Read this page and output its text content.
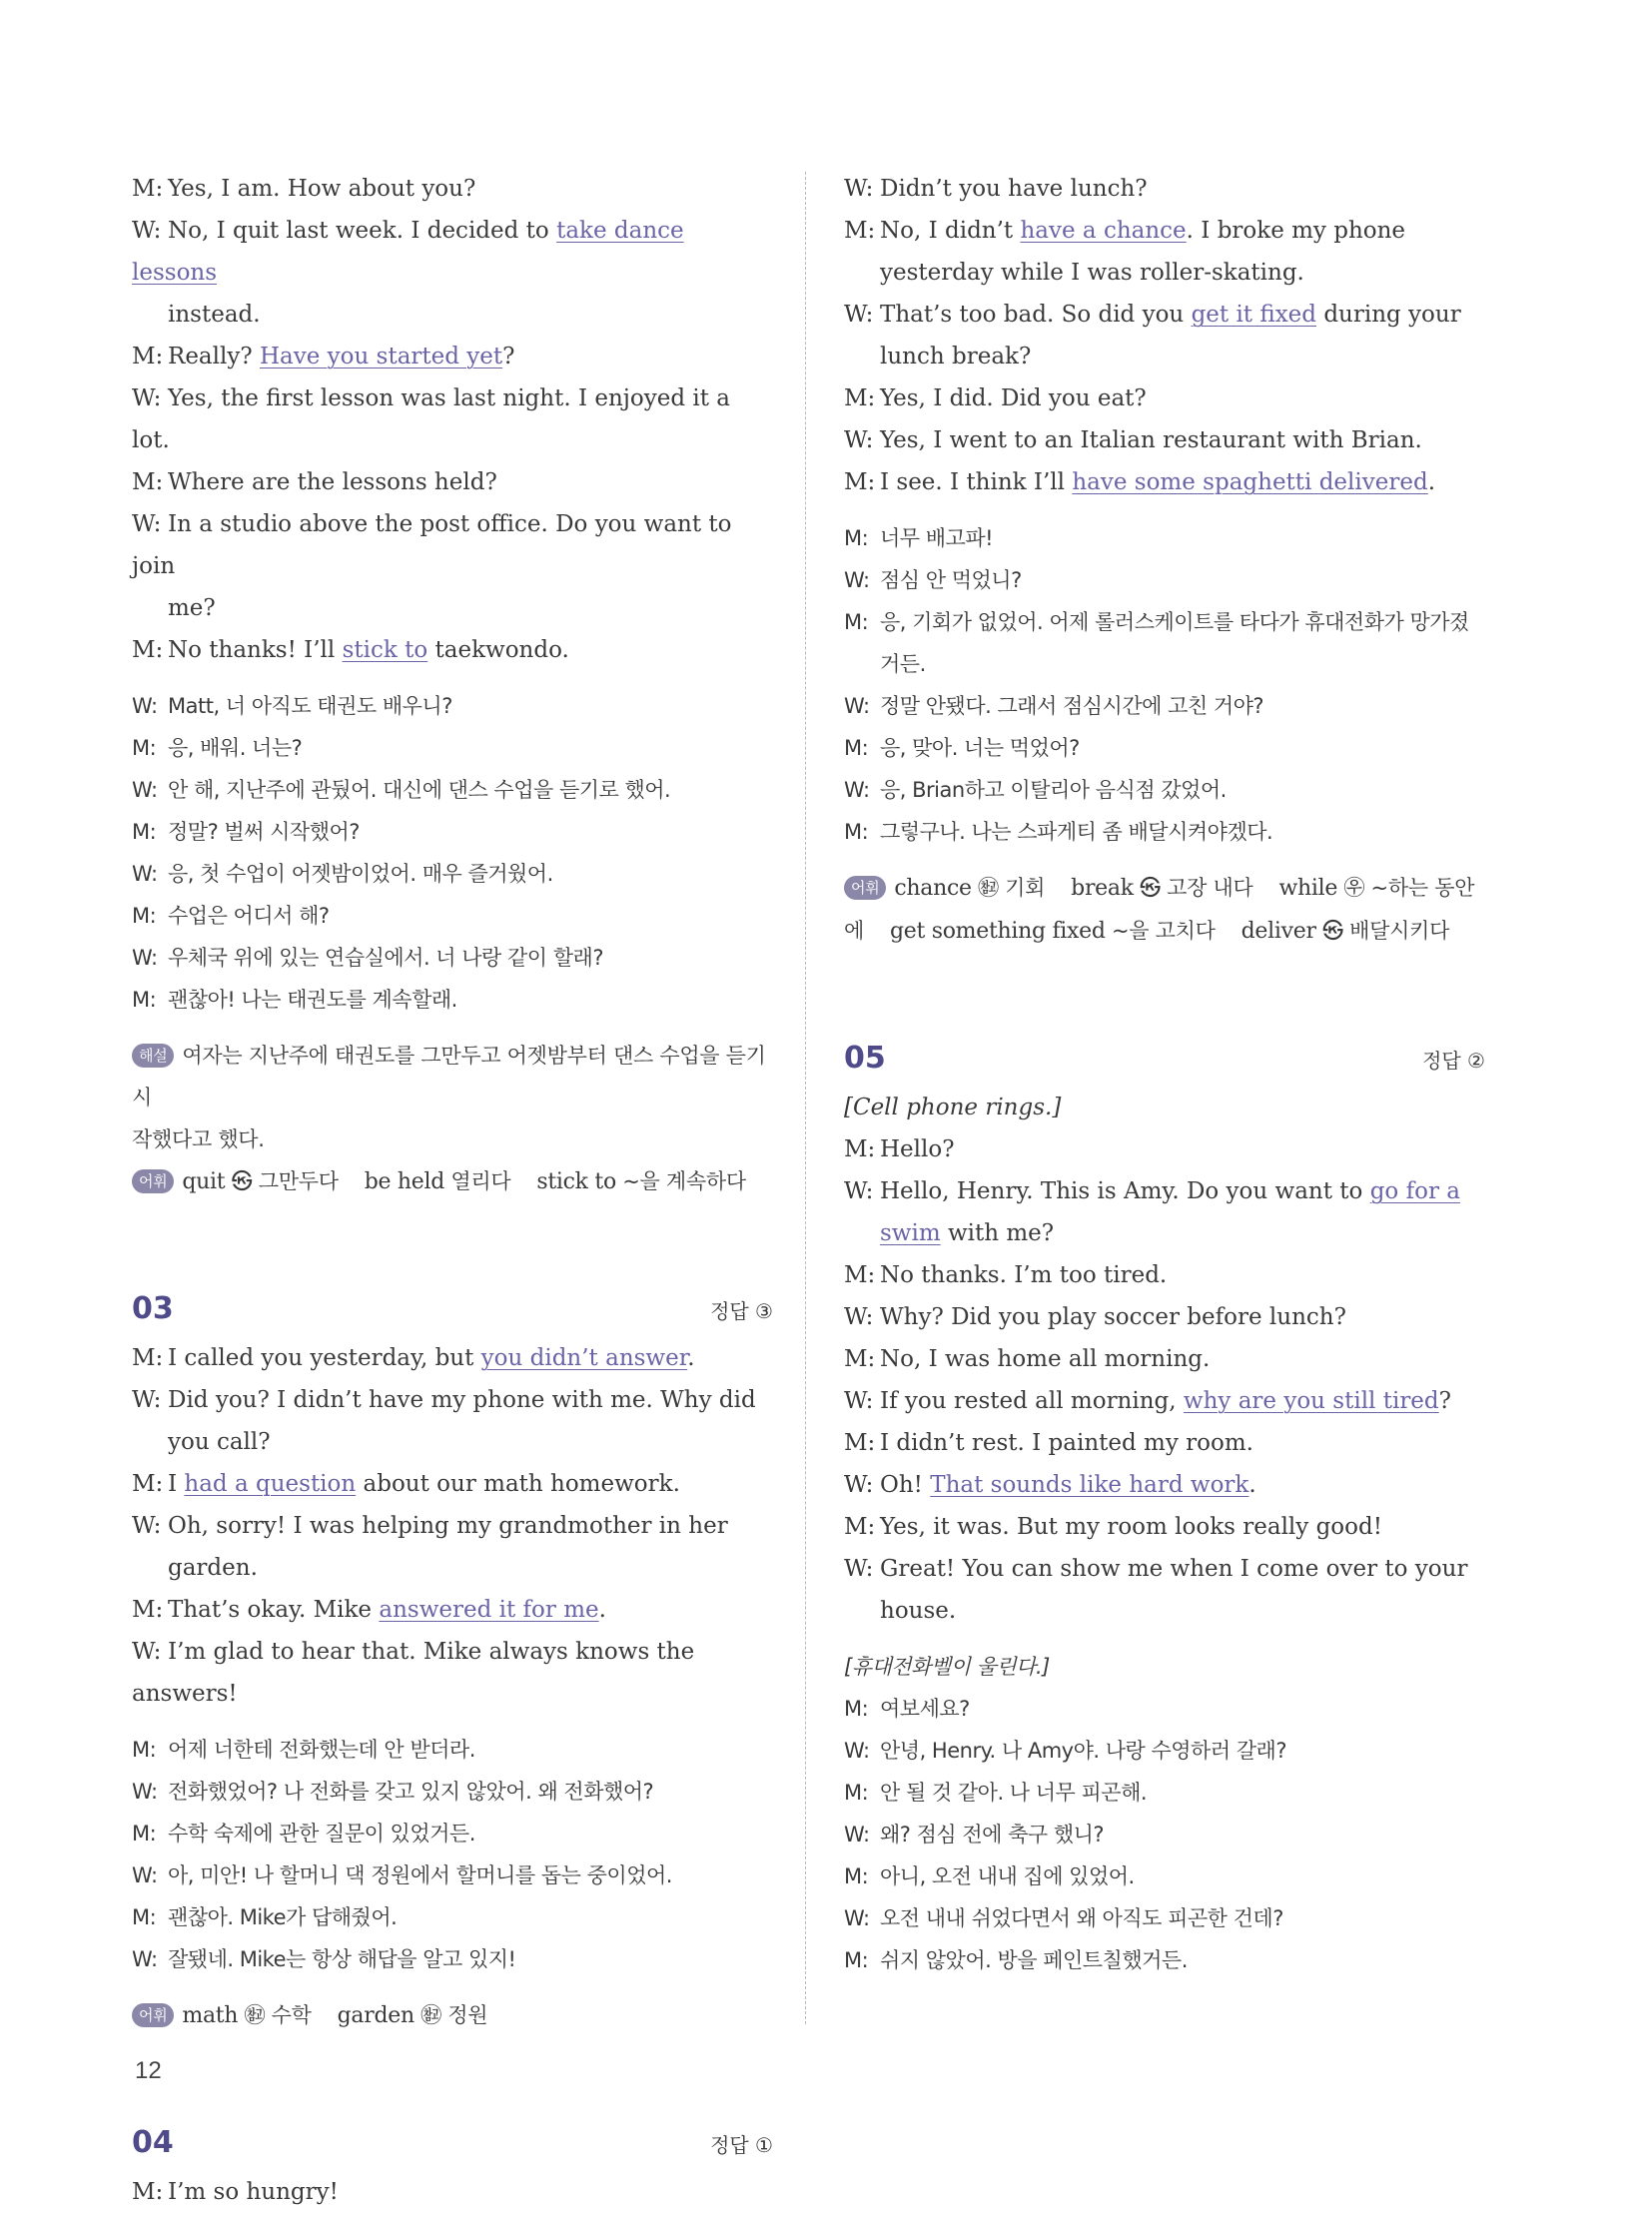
M: Yes, I am. How about you?

W: No, I quit last week. I decided to take dance lessons

instead.

M: Really? Have you started yet?

W: Yes, the first lesson was last night. I enjoyed it a lot.

M: Where are the lessons held?

W: In a studio above the post office. Do you want to join

me?

M: No thanks! I’ll stick to taekwondo.

W: Matt, 너 아직도 태권도 배우니?

M: 응, 배워. 너는?

W: 안 해, 지난주에 관뒀어. 대신에 댄스 수업을 듣기로 했어.

M: 정말? 벌써 시작했어?

W: 응, 첫 수업이 어젯밤이었어. 매우 즐거웠어.

M: 수업은 어디서 해?

W: 우체국 위에 있는 연습실에서. 너 나랑 같이 할래?

M: 괜찮아! 나는 태권도를 계속할래.

해설 여자는 지난주에 태권도를 그만두고 어젯밤부터 댄스 수업을 듣기 시

작했다고 했다.

어휘 quit ㉿ 그만두다 be held 열리다 stick to ~을 계속하다

03	정답 ③

M: I called you yesterday, but you didn’t answer.

W: Did you? I didn’t have my phone with me. Why did

you call?

M: I had a question about our math homework.

W: Oh, sorry! I was helping my grandmother in her

garden.

M: That’s okay. Mike answered it for me.

W: I’m glad to hear that. Mike always knows the answers!

M: 어제 너한테 전화했는데 안 받더라.

W: 전화했었어? 나 전화를 갖고 있지 않았어. 왜 전화했어?

M: 수학 숙제에 관한 질문이 있었거든.

W: 아, 미안! 나 할머니 댁 정원에서 할머니를 돕는 중이었어.

M: 괜찮아. Mike가 답해줬어.

W: 잘됐네. Mike는 항상 해답을 알고 있지!

어휘 math ㉼ 수학 garden ㉼ 정원

04	정답 ①

M: I’m so hungry!

W: Didn’t you have lunch?

M: No, I didn’t have a chance. I broke my phone

yesterday while I was roller-skating.

W: That’s too bad. So did you get it fixed during your

lunch break?

M: Yes, I did. Did you eat?

W: Yes, I went to an Italian restaurant with Brian.

M: I see. I think I’ll have some spaghetti delivered.

M: 너무 배고파!

W: 점심 안 먹었니?

M: 응, 기회가 없었어. 어제 롤러스케이트를 타다가 휴대전화가 망가졌

거든.

W: 정말 안됐다. 그래서 점심시간에 고친 거야?

M: 응, 맞아. 너는 먹었어?

W: 응, Brian하고 이탈리아 음식점 갔었어.

M: 그렇구나. 나는 스파게티 좀 배달시켜야겠다.

어휘 chance ㉼ 기회 break ㉿ 고장 내다 while ㉾ ~하는 동안

에 get something fixed ~을 고치다 deliver ㉿ 배달시키다

05	정답 ②

[Cell phone rings.]

M: Hello?

W: Hello, Henry. This is Amy. Do you want to go for a

swim with me?

M: No thanks. I’m too tired.

W: Why? Did you play soccer before lunch?

M: No, I was home all morning.

W: If you rested all morning, why are you still tired?

M: I didn’t rest. I painted my room.

W: Oh! That sounds like hard work.

M: Yes, it was. But my room looks really good!

W: Great! You can show me when I come over to your

house.

[휴대전화벨이 울린다.]

M: 여보세요?

W: 안녕, Henry. 나 Amy야. 나랑 수영하러 갈래?

M: 안 될 것 같아. 나 너무 피곤해.

W: 왜? 점심 전에 축구 했니?

M: 아니, 오전 내내 집에 있었어.

W: 오전 내내 쉬었다면서 왜 아직도 피곤한 건데?

M: 쉬지 않았어. 방을 페인트칠했거든.

12
